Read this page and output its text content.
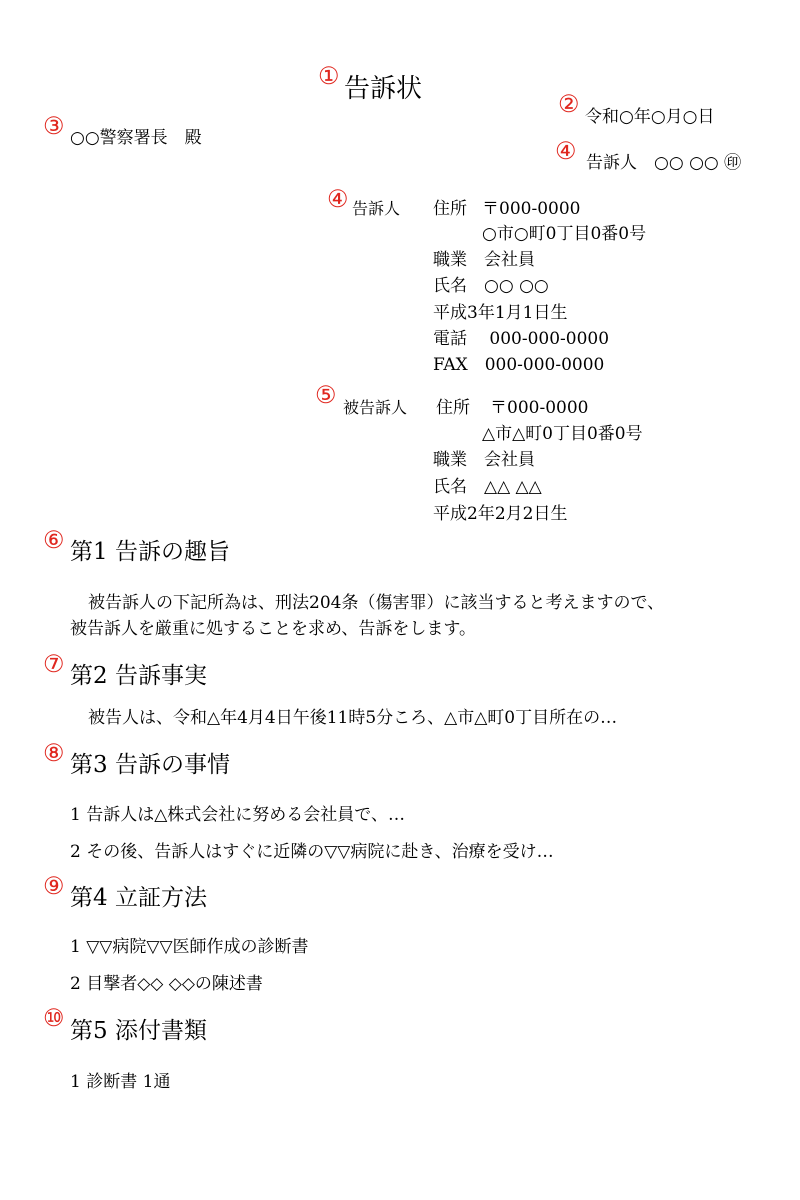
① 告訴状	② 令和○年○月○日
③ ○○警察署長　殿	④ 告訴人　○○ ○○ ㊞
④ 告訴人 住所 〒000-0000
○市○町0丁目0番0号
職業　会社員
氏名　○○ ○○
平成3年1月1日生
電話　 000-000-0000
FAX　000-000-0000
⑤ 被告訴人 住所 〒000-0000
△市△町0丁目0番0号
職業　会社員
氏名　△△ △△
平成2年2月2日生
⑥ 第1 告訴の趣旨
被告訴人の下記所為は、刑法204条（傷害罪）に該当すると考えますので、
被告訴人を厳重に処することを求め、告訴をします。
⑦ 第2 告訴事実
被告人は、令和△年4月4日午後11時5分ころ、△市△町0丁目所在の…
⑧ 第3 告訴の事情
1 告訴人は△株式会社に努める会社員で、…
2 その後、告訴人はすぐに近隣の▽▽病院に赴き、治療を受け…
⑨ 第4 立証方法
1 ▽▽病院▽▽医師作成の診断書
2 目撃者◇◇ ◇◇の陳述書
⑩ 第5 添付書類
1 診断書 1通
